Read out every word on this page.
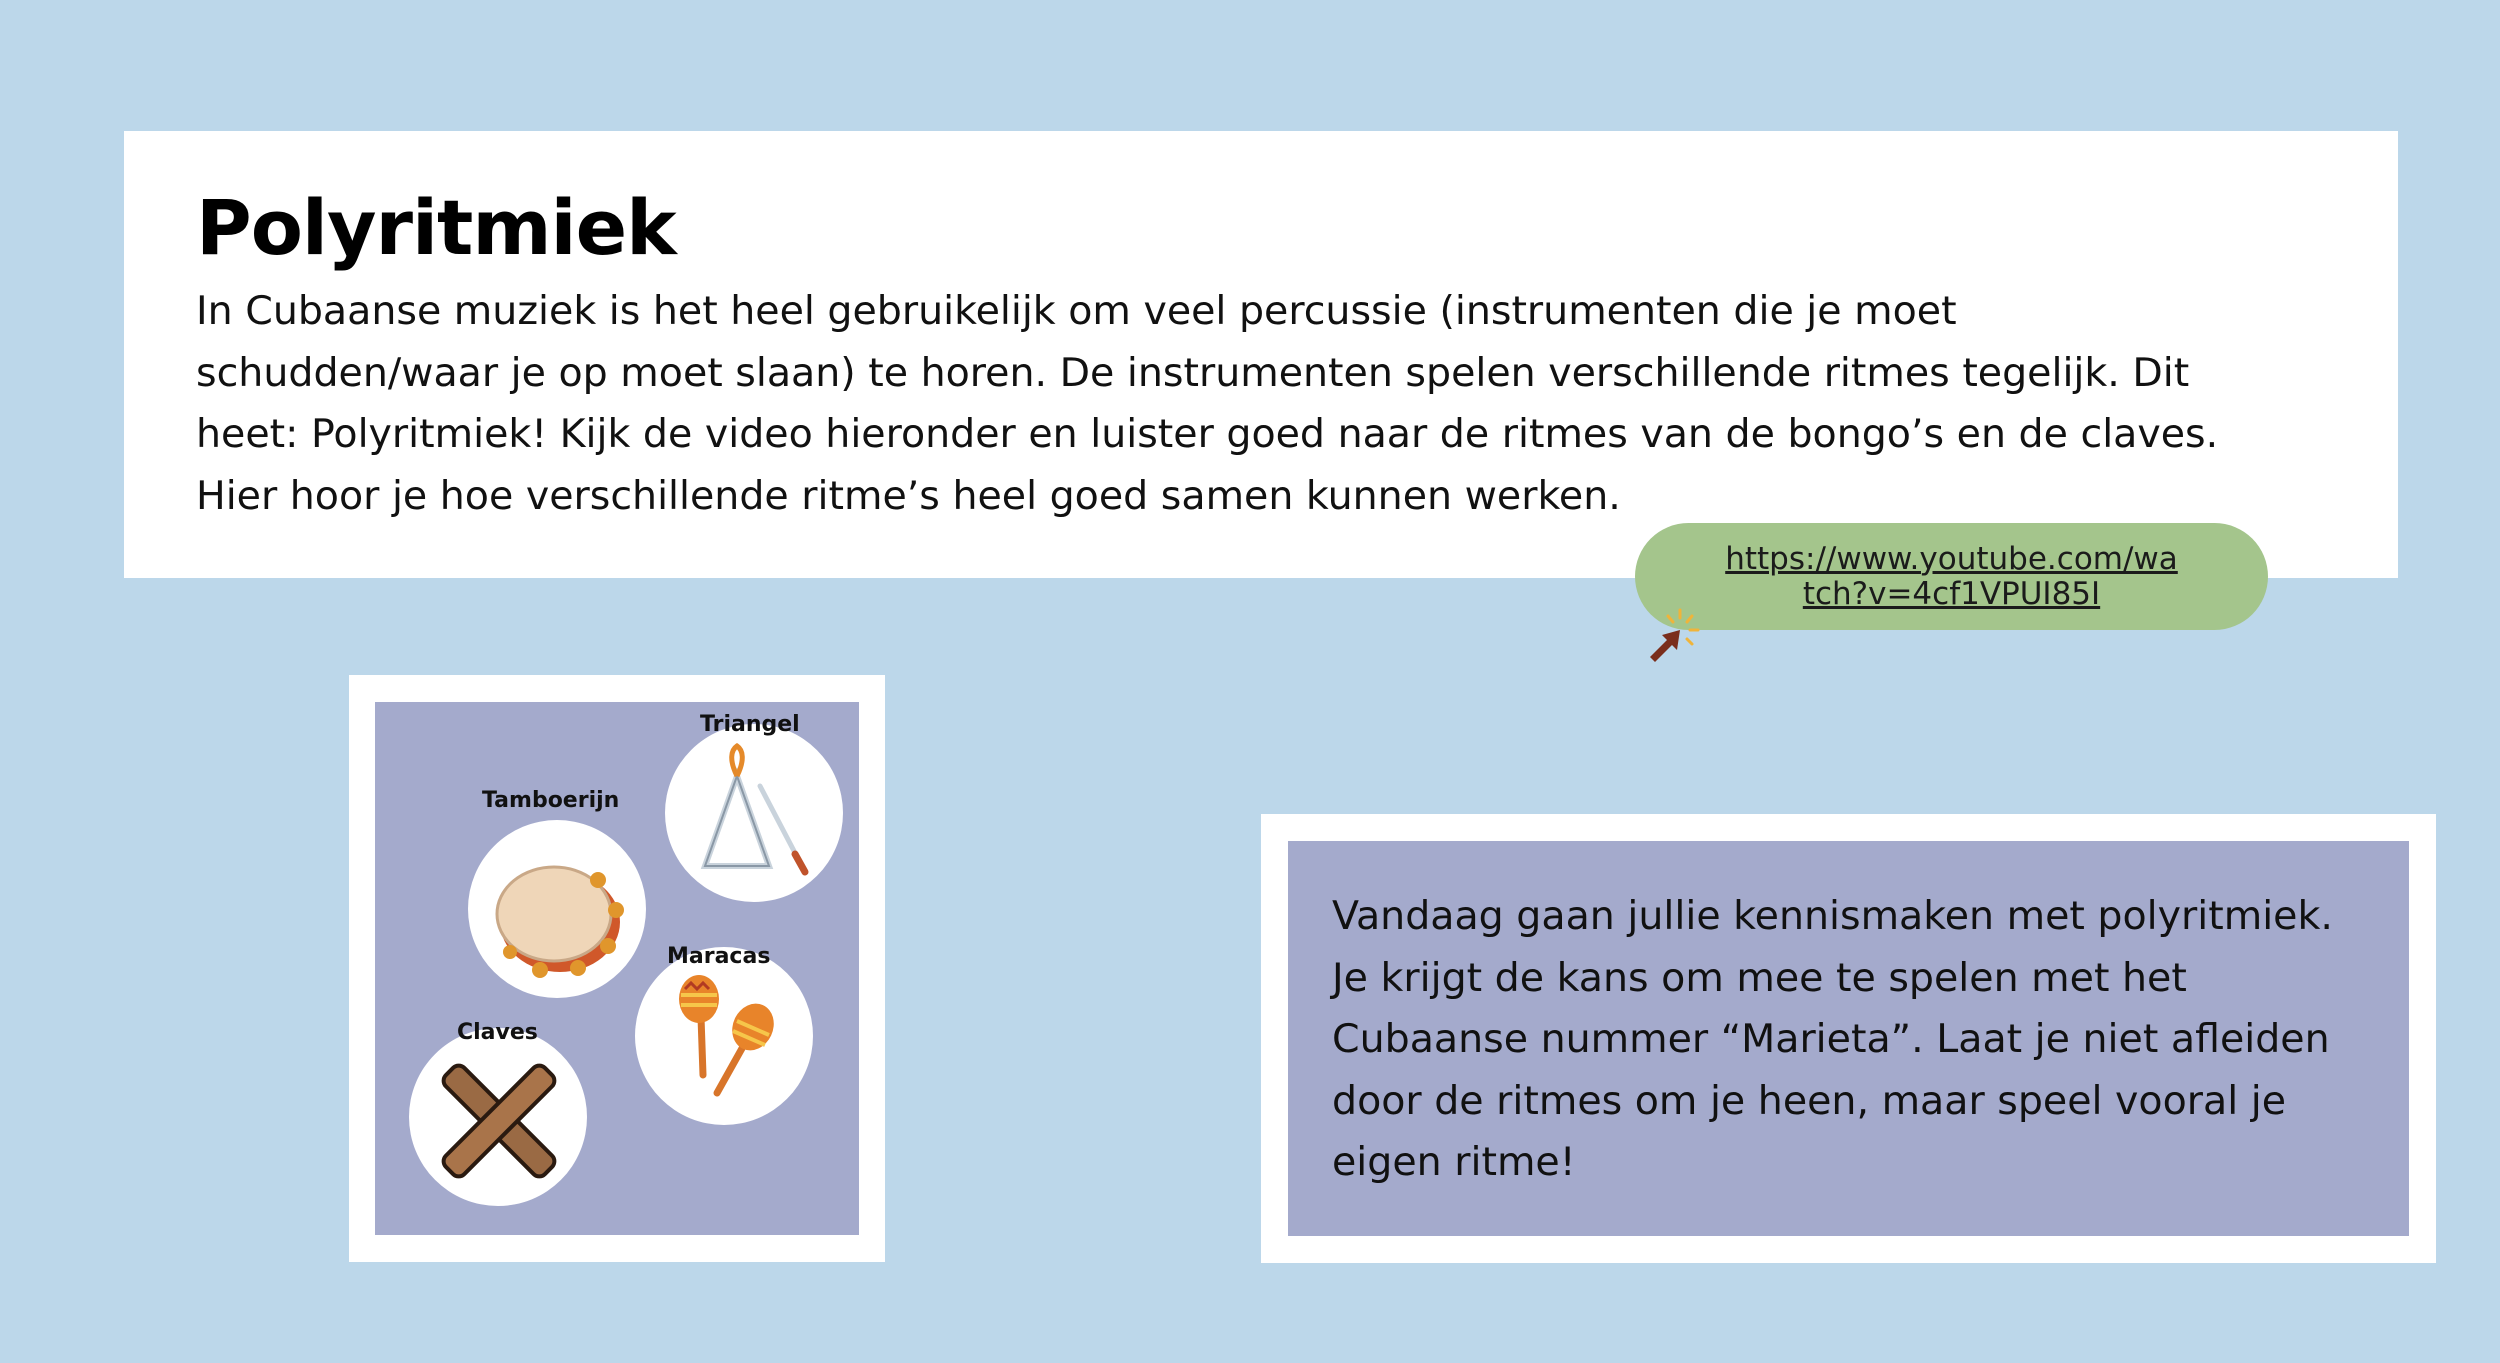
Polyritmiek

In Cubaanse muziek is het heel gebruikelijk om veel percussie (instrumenten die je moet
schudden/waar je op moet slaan) te horen. De instrumenten spelen verschillende ritmes tegelijk. Dit
heet: Polyritmiek! Kijk de video hieronder en luister goed naar de ritmes van de bongo’s en de claves.
Hier hoor je hoe verschillende ritme’s heel goed samen kunnen werken.

https://www.youtube.com/wa
tch?v=4cf1VPUI85I
Triangel
Tamboerijn
Maracas
Claves

Vandaag gaan jullie kennismaken met polyritmiek.
Je krijgt de kans om mee te spelen met het
Cubaanse nummer “Marieta”. Laat je niet afleiden
door de ritmes om je heen, maar speel vooral je
eigen ritme!
